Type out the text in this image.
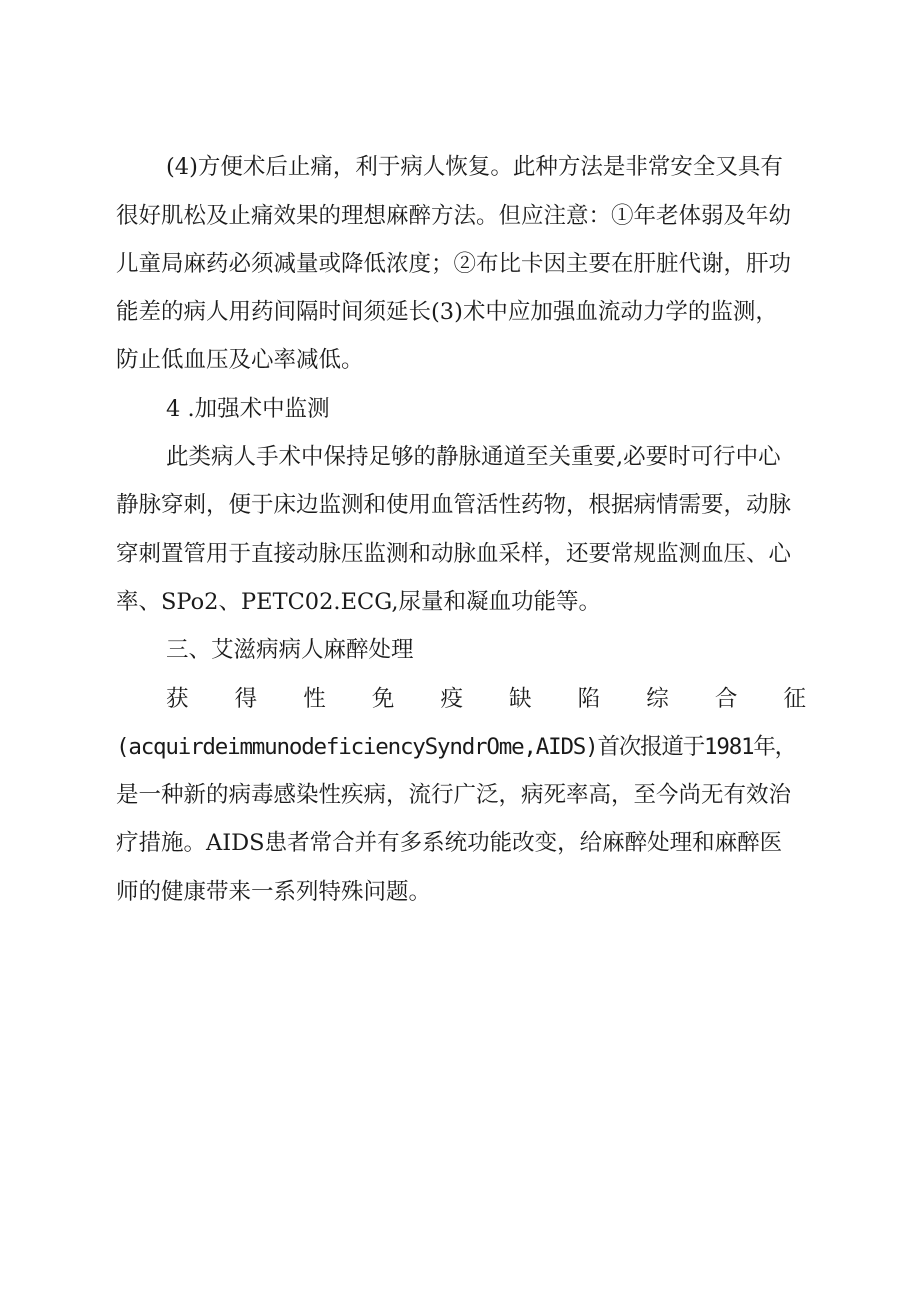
(4)方便术后止痛，利于病人恢复。此种方法是非常安全又具有
很好肌松及止痛效果的理想麻醉方法。但应注意：①年老体弱及年幼
儿童局麻药必须减量或降低浓度；②布比卡因主要在肝脏代谢，肝功
能差的病人用药间隔时间须延长(3)术中应加强血流动力学的监测，
防止低血压及心率减低。
4 .加强术中监测
此类病人手术中保持足够的静脉通道至关重要,必要时可行中心
静脉穿刺，便于床边监测和使用血管活性药物，根据病情需要，动脉
穿刺置管用于直接动脉压监测和动脉血采样，还要常规监测血压、心
率、SPo2、PETC02.ECG,尿量和凝血功能等。
三、艾滋病病人麻醉处理
获　得　性　免　疫　缺　陷　综　合　征
(acquirdeimmunodeficiencySyndrOme,AIDS)首次报道于1981年，
是一种新的病毒感染性疾病，流行广泛，病死率高，至今尚无有效治
疗措施。AIDS患者常合并有多系统功能改变，给麻醉处理和麻醉医
师的健康带来一系列特殊问题。
